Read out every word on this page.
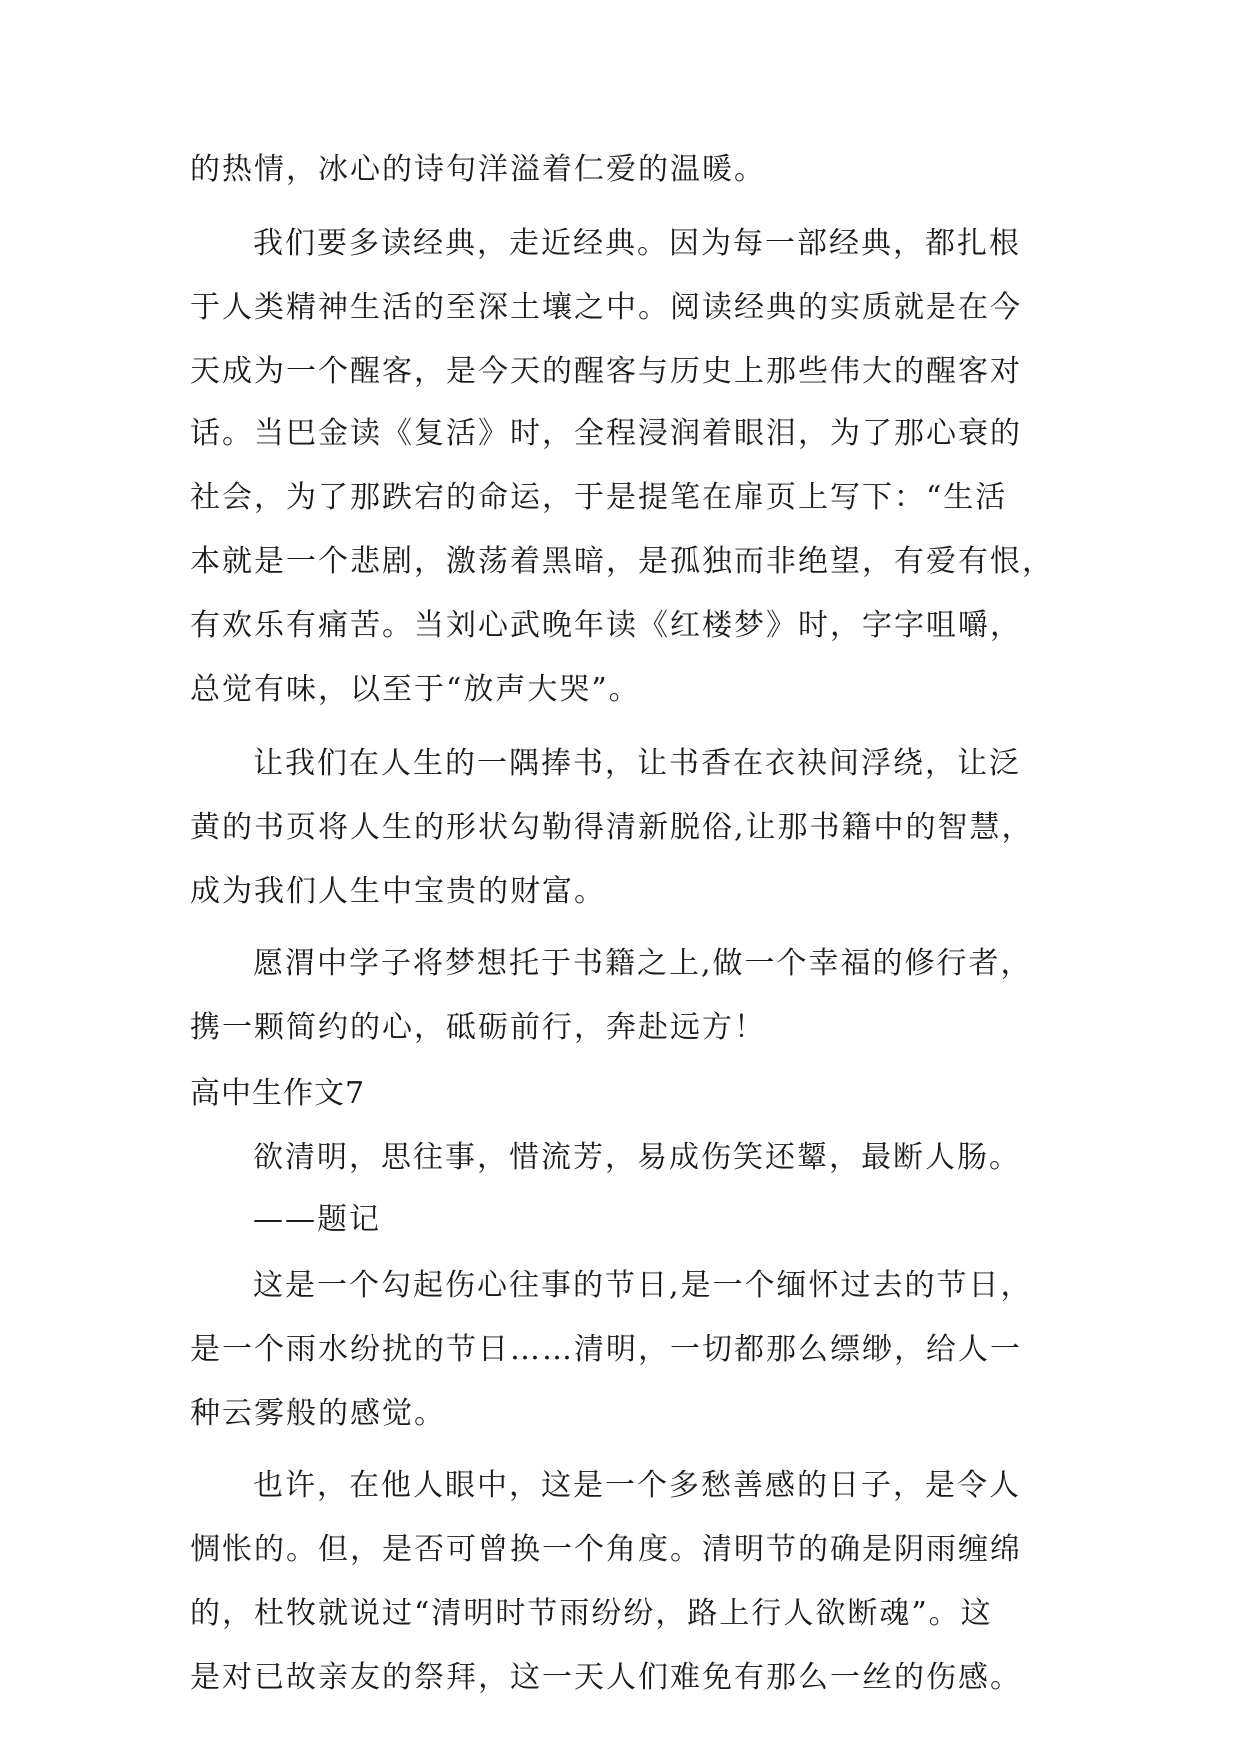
的热情，冰心的诗句洋溢着仁爱的温暖。
我们要多读经典，走近经典。因为每一部经典，都扎根
于人类精神生活的至深土壤之中。阅读经典的实质就是在今
天成为一个醒客，是今天的醒客与历史上那些伟大的醒客对
话。当巴金读《复活》时，全程浸润着眼泪，为了那心衰的
社会，为了那跌宕的命运，于是提笔在扉页上写下：“生活
本就是一个悲剧，激荡着黑暗，是孤独而非绝望，有爱有恨，
有欢乐有痛苦。当刘心武晚年读《红楼梦》时，字字咀嚼，
总觉有味，以至于“放声大哭”。
让我们在人生的一隅捧书，让书香在衣袂间浮绕，让泛
黄的书页将人生的形状勾勒得清新脱俗,让那书籍中的智慧，
成为我们人生中宝贵的财富。
愿渭中学子将梦想托于书籍之上,做一个幸福的修行者，
携一颗简约的心，砥砺前行，奔赴远方！
高中生作文7
欲清明，思往事，惜流芳，易成伤笑还颦，最断人肠。
——题记
这是一个勾起伤心往事的节日,是一个缅怀过去的节日，
是一个雨水纷扰的节日……清明，一切都那么缥缈，给人一
种云雾般的感觉。
也许，在他人眼中，这是一个多愁善感的日子，是令人
惆怅的。但，是否可曾换一个角度。清明节的确是阴雨缠绵
的，杜牧就说过“清明时节雨纷纷，路上行人欲断魂”。这
是对已故亲友的祭拜，这一天人们难免有那么一丝的伤感。
